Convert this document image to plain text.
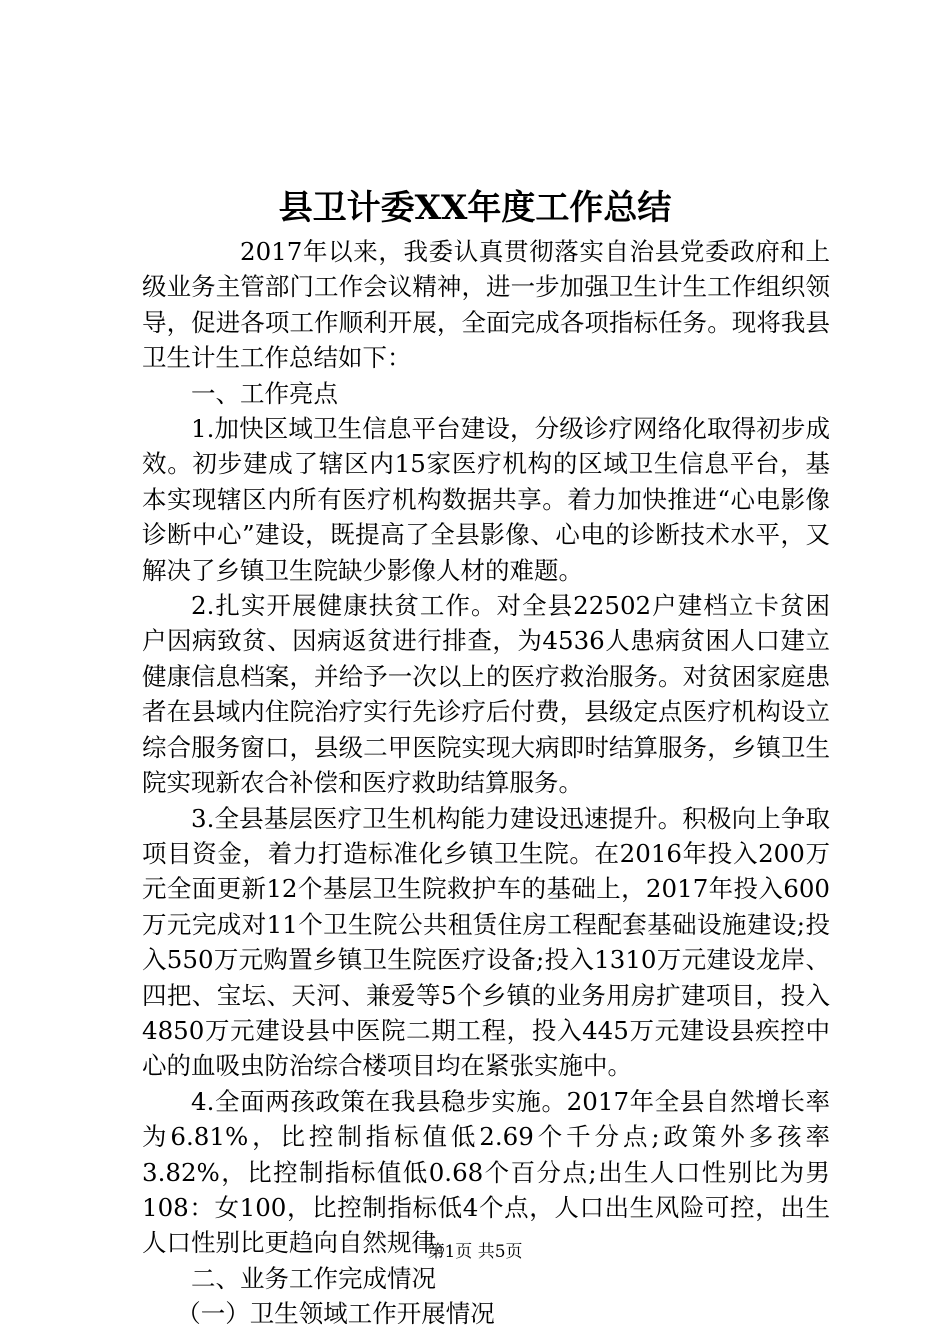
县卫计委XX年度工作总结

2017年以来，我委认真贯彻落实自治县党委政府和上级业务主管部门工作会议精神，进一步加强卫生计生工作组织领导，促进各项工作顺利开展，全面完成各项指标任务。现将我县卫生计生工作总结如下：

一、工作亮点

1.加快区域卫生信息平台建设，分级诊疗网络化取得初步成效。初步建成了辖区内15家医疗机构的区域卫生信息平台，基本实现辖区内所有医疗机构数据共享。着力加快推进“心电影像诊断中心”建设，既提高了全县影像、心电的诊断技术水平，又解决了乡镇卫生院缺少影像人材的难题。

2.扎实开展健康扶贫工作。对全县22502户建档立卡贫困户因病致贫、因病返贫进行排查，为4536人患病贫困人口建立健康信息档案，并给予一次以上的医疗救治服务。对贫困家庭患者在县域内住院治疗实行先诊疗后付费，县级定点医疗机构设立综合服务窗口，县级二甲医院实现大病即时结算服务，乡镇卫生院实现新农合补偿和医疗救助结算服务。

3.全县基层医疗卫生机构能力建设迅速提升。积极向上争取项目资金，着力打造标准化乡镇卫生院。在2016年投入200万元全面更新12个基层卫生院救护车的基础上，2017年投入600万元完成对11个卫生院公共租赁住房工程配套基础设施建设;投入550万元购置乡镇卫生院医疗设备;投入1310万元建设龙岸、四把、宝坛、天河、兼爱等5个乡镇的业务用房扩建项目，投入4850万元建设县中医院二期工程，投入445万元建设县疾控中心的血吸虫防治综合楼项目均在紧张实施中。

4.全面两孩政策在我县稳步实施。2017年全县自然增长率为6.81%，比控制指标值低2.69个千分点;政策外多孩率3.82%，比控制指标值低0.68个百分点;出生人口性别比为男108：女100，比控制指标低4个点，人口出生风险可控，出生人口性别比更趋向自然规律。

二、业务工作完成情况

（一）卫生领域工作开展情况

第1页 共5页
